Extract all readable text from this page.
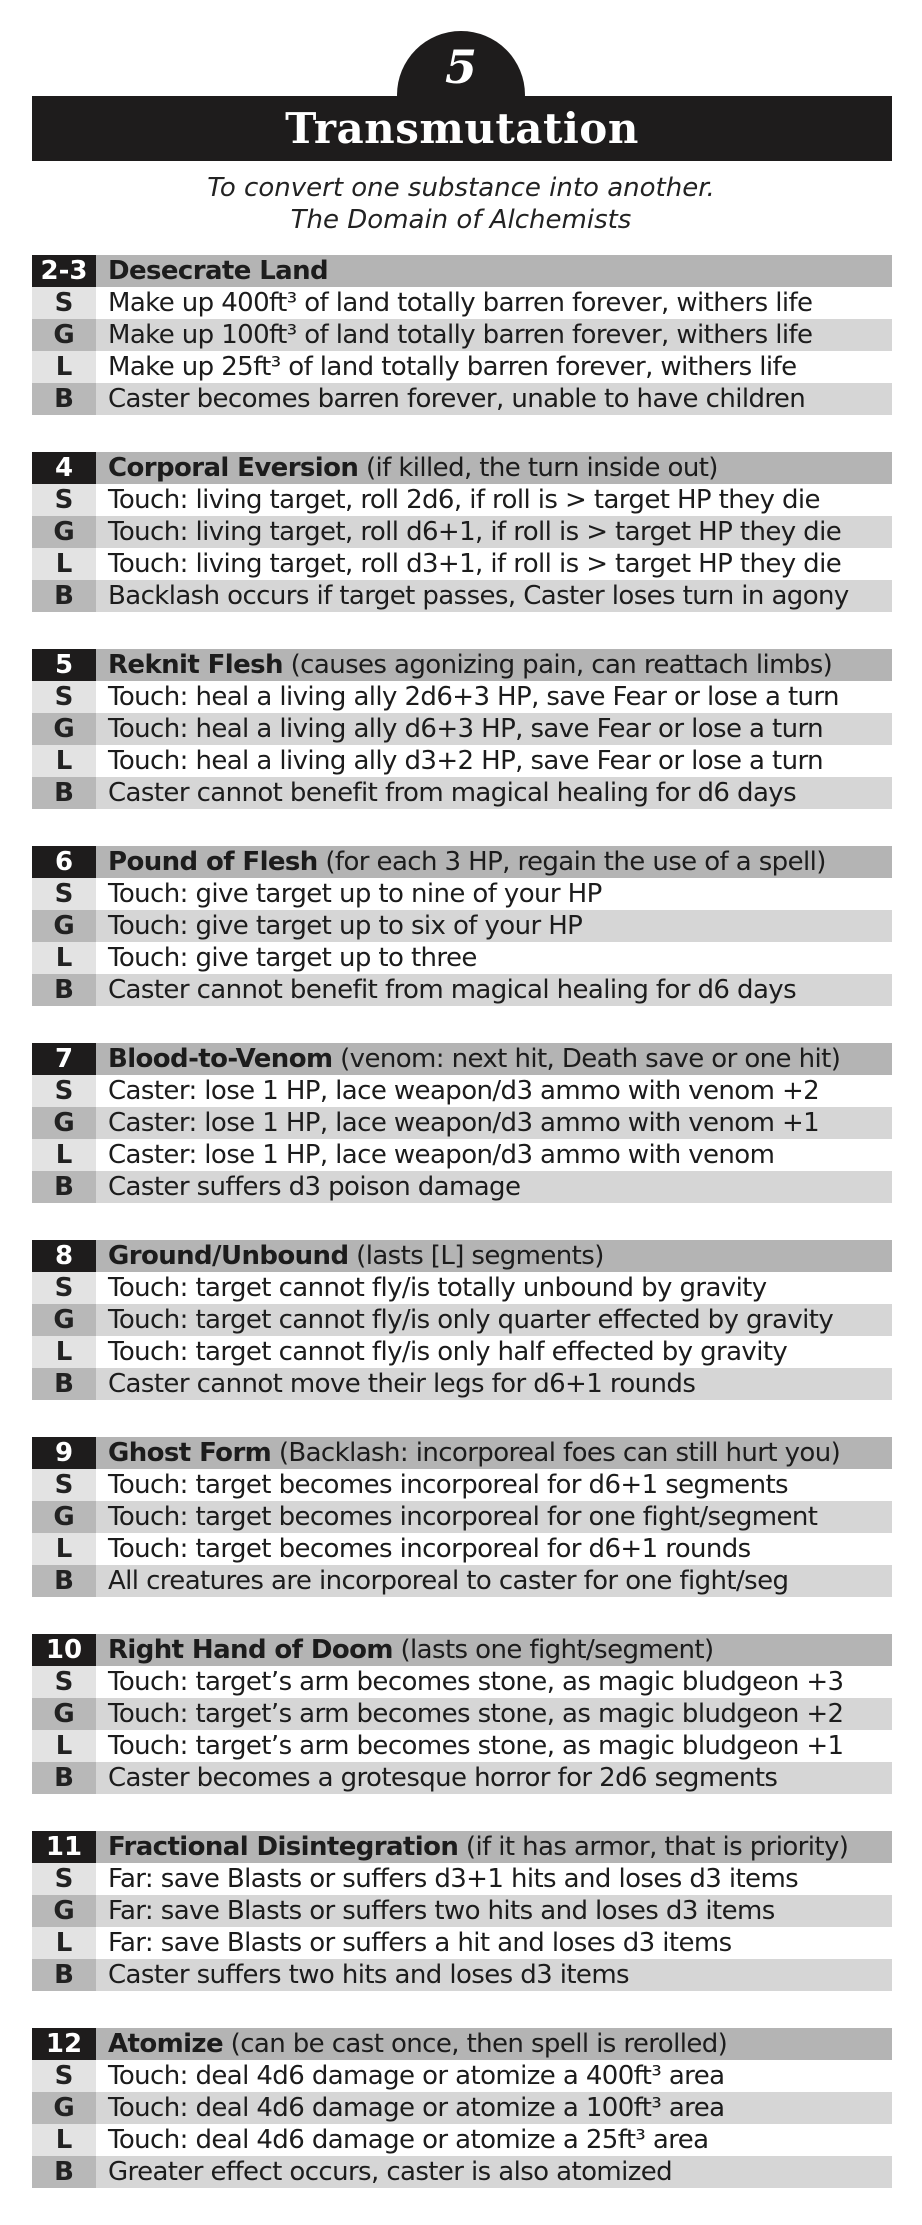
5
Transmutation
To convert one substance into another.
The Domain of Alchemists
2-3 Desecrate Land
S	Make up 400ft³ of land totally barren forever, withers life
G	Make up 100ft³ of land totally barren forever, withers life
L	Make up 25ft³ of land totally barren forever, withers life
B	Caster becomes barren forever, unable to have children
4	Corporal Eversion (if killed, the turn inside out)
S	Touch: living target, roll 2d6, if roll is > target HP they die
G	Touch: living target, roll d6+1, if roll is > target HP they die
L	Touch: living target, roll d3+1, if roll is > target HP they die
B	Backlash occurs if target passes, Caster loses turn in agony
5	Reknit Flesh (causes agonizing pain, can reattach limbs)
S	Touch: heal a living ally 2d6+3 HP, save Fear or lose a turn
G	Touch: heal a living ally d6+3 HP, save Fear or lose a turn
L	Touch: heal a living ally d3+2 HP, save Fear or lose a turn
B	Caster cannot benefit from magical healing for d6 days
6	Pound of Flesh (for each 3 HP, regain the use of a spell)
S	Touch: give target up to nine of your HP
G	Touch: give target up to six of your HP
L	Touch: give target up to three
B	Caster cannot benefit from magical healing for d6 days
7	Blood-to-Venom (venom: next hit, Death save or one hit)
S	Caster: lose 1 HP, lace weapon/d3 ammo with venom +2
G	Caster: lose 1 HP, lace weapon/d3 ammo with venom +1
L	Caster: lose 1 HP, lace weapon/d3 ammo with venom
B	Caster suffers d3 poison damage
8	Ground/Unbound (lasts [L] segments)
S	Touch: target cannot fly/is totally unbound by gravity
G	Touch: target cannot fly/is only quarter effected by gravity
L	Touch: target cannot fly/is only half effected by gravity
B	Caster cannot move their legs for d6+1 rounds
9	Ghost Form (Backlash: incorporeal foes can still hurt you)
S	Touch: target becomes incorporeal for d6+1 segments
G	Touch: target becomes incorporeal for one fight/segment
L	Touch: target becomes incorporeal for d6+1 rounds
B	All creatures are incorporeal to caster for one fight/seg
10 Right Hand of Doom (lasts one fight/segment)
S	Touch: target’s arm becomes stone, as magic bludgeon +3
G	Touch: target’s arm becomes stone, as magic bludgeon +2
L	Touch: target’s arm becomes stone, as magic bludgeon +1
B	Caster becomes a grotesque horror for 2d6 segments
11 Fractional Disintegration (if it has armor, that is priority)
S	Far: save Blasts or suffers d3+1 hits and loses d3 items
G	Far: save Blasts or suffers two hits and loses d3 items
L	Far: save Blasts or suffers a hit and loses d3 items
B	Caster suffers two hits and loses d3 items
12 Atomize (can be cast once, then spell is rerolled)
S	Touch: deal 4d6 damage or atomize a 400ft³ area
G	Touch: deal 4d6 damage or atomize a 100ft³ area
L	Touch: deal 4d6 damage or atomize a 25ft³ area
B	Greater effect occurs, caster is also atomized
